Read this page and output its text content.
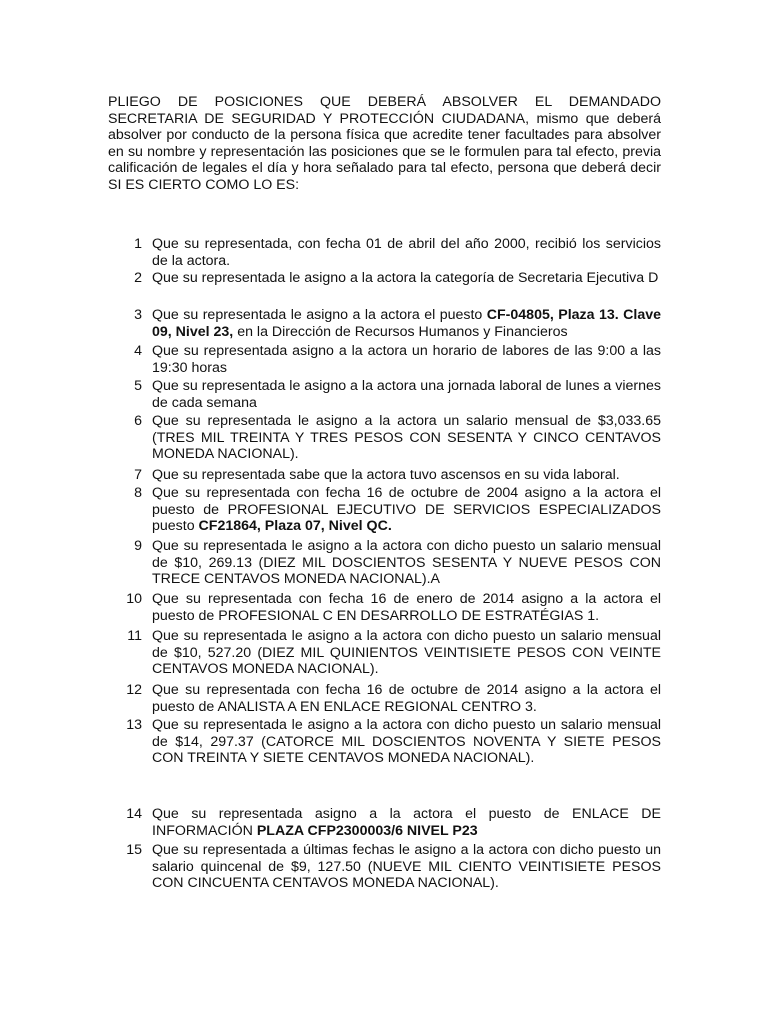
PLIEGO DE POSICIONES QUE DEBERÁ ABSOLVER EL DEMANDADO SECRETARIA DE SEGURIDAD Y PROTECCIÓN CIUDADANA, mismo que deberá absolver por conducto de la persona física que acredite tener facultades para absolver en su nombre y representación las posiciones que se le formulen para tal efecto, previa calificación de legales el día y hora señalado para tal efecto, persona que deberá decir SI ES CIERTO COMO LO ES:
1 Que su representada, con fecha 01 de abril del año 2000, recibió los servicios de la actora.
2 Que su representada le asigno a la actora la categoría de Secretaria Ejecutiva D
3 Que su representada le asigno a la actora el puesto CF-04805, Plaza 13. Clave 09, Nivel 23, en la Dirección de Recursos Humanos y Financieros
4 Que su representada asigno a la actora un horario de labores de las 9:00 a las 19:30 horas
5 Que su representada le asigno a la actora una jornada laboral de lunes a viernes de cada semana
6 Que su representada le asigno a la actora un salario mensual de $3,033.65 (TRES MIL TREINTA Y TRES PESOS CON SESENTA Y CINCO CENTAVOS MONEDA NACIONAL).
7 Que su representada sabe que la actora tuvo ascensos en su vida laboral.
8 Que su representada con fecha 16 de octubre de 2004 asigno a la actora el puesto de PROFESIONAL EJECUTIVO DE SERVICIOS ESPECIALIZADOS puesto CF21864, Plaza 07, Nivel QC.
9 Que su representada le asigno a la actora con dicho puesto un salario mensual de $10, 269.13 (DIEZ MIL DOSCIENTOS SESENTA Y NUEVE PESOS CON TRECE CENTAVOS MONEDA NACIONAL).A
10 Que su representada con fecha 16 de enero de 2014 asigno a la actora el puesto de PROFESIONAL C EN DESARROLLO DE ESTRATÉGIAS 1.
11 Que su representada le asigno a la actora con dicho puesto un salario mensual de $10, 527.20 (DIEZ MIL QUINIENTOS VEINTISIETE PESOS CON VEINTE CENTAVOS MONEDA NACIONAL).
12 Que su representada con fecha 16 de octubre de 2014 asigno a la actora el puesto de ANALISTA A EN ENLACE REGIONAL CENTRO 3.
13 Que su representada le asigno a la actora con dicho puesto un salario mensual de $14, 297.37 (CATORCE MIL DOSCIENTOS NOVENTA Y SIETE PESOS CON TREINTA Y SIETE CENTAVOS MONEDA NACIONAL).
14 Que su representada asigno a la actora el puesto de ENLACE DE INFORMACIÓN PLAZA CFP2300003/6 NIVEL P23
15 Que su representada a últimas fechas le asigno a la actora con dicho puesto un salario quincenal de $9, 127.50 (NUEVE MIL CIENTO VEINTISIETE PESOS CON CINCUENTA CENTAVOS MONEDA NACIONAL).
